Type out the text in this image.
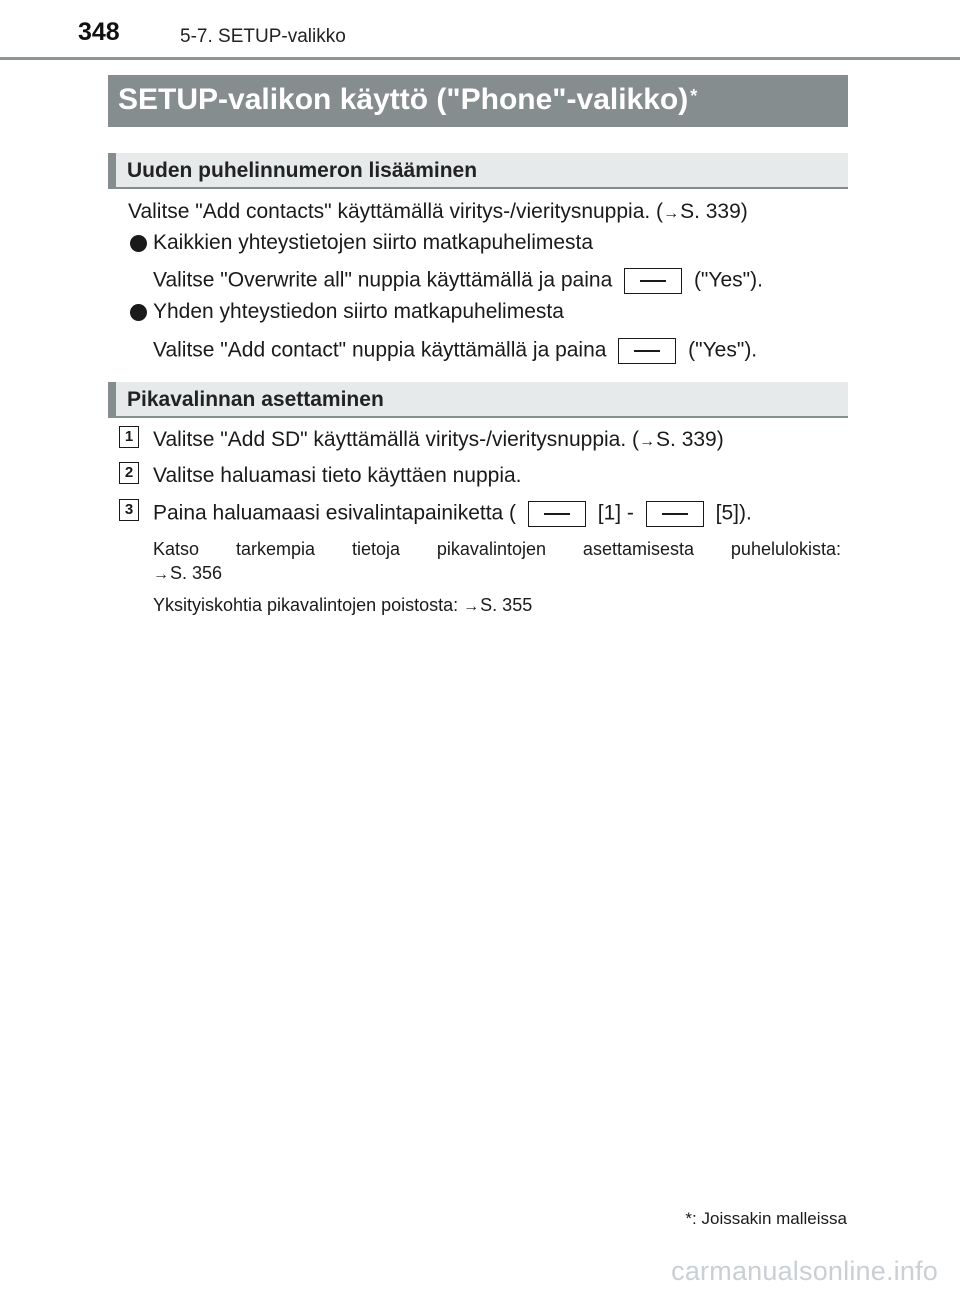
348	5-7. SETUP-valikko
SETUP-valikon käyttö ("Phone"-valikko) *
Uuden puhelinnumeron lisääminen
Valitse "Add contacts" käyttämällä viritys-/vieritysnuppia. (→S. 339)
Kaikkien yhteystietojen siirto matkapuhelimesta
Valitse "Overwrite all" nuppia käyttämällä ja paina	("Yes").
Yhden yhteystiedon siirto matkapuhelimesta
Valitse "Add contact" nuppia käyttämällä ja paina	("Yes").
Pikavalinnan asettaminen
1 Valitse "Add SD" käyttämällä viritys-/vieritysnuppia. (→S. 339)
2 Valitse haluamasi tieto käyttäen nuppia.
3 Paina haluamaasi esivalintapainiketta (	[1] -	[5]).
Katso tarkempia tietoja pikavalintojen asettamisesta puhelulokista:
→S. 356
Yksityiskohtia pikavalintojen poistosta: →S. 355
*: Joissakin malleissa
carmanualsonline.info
